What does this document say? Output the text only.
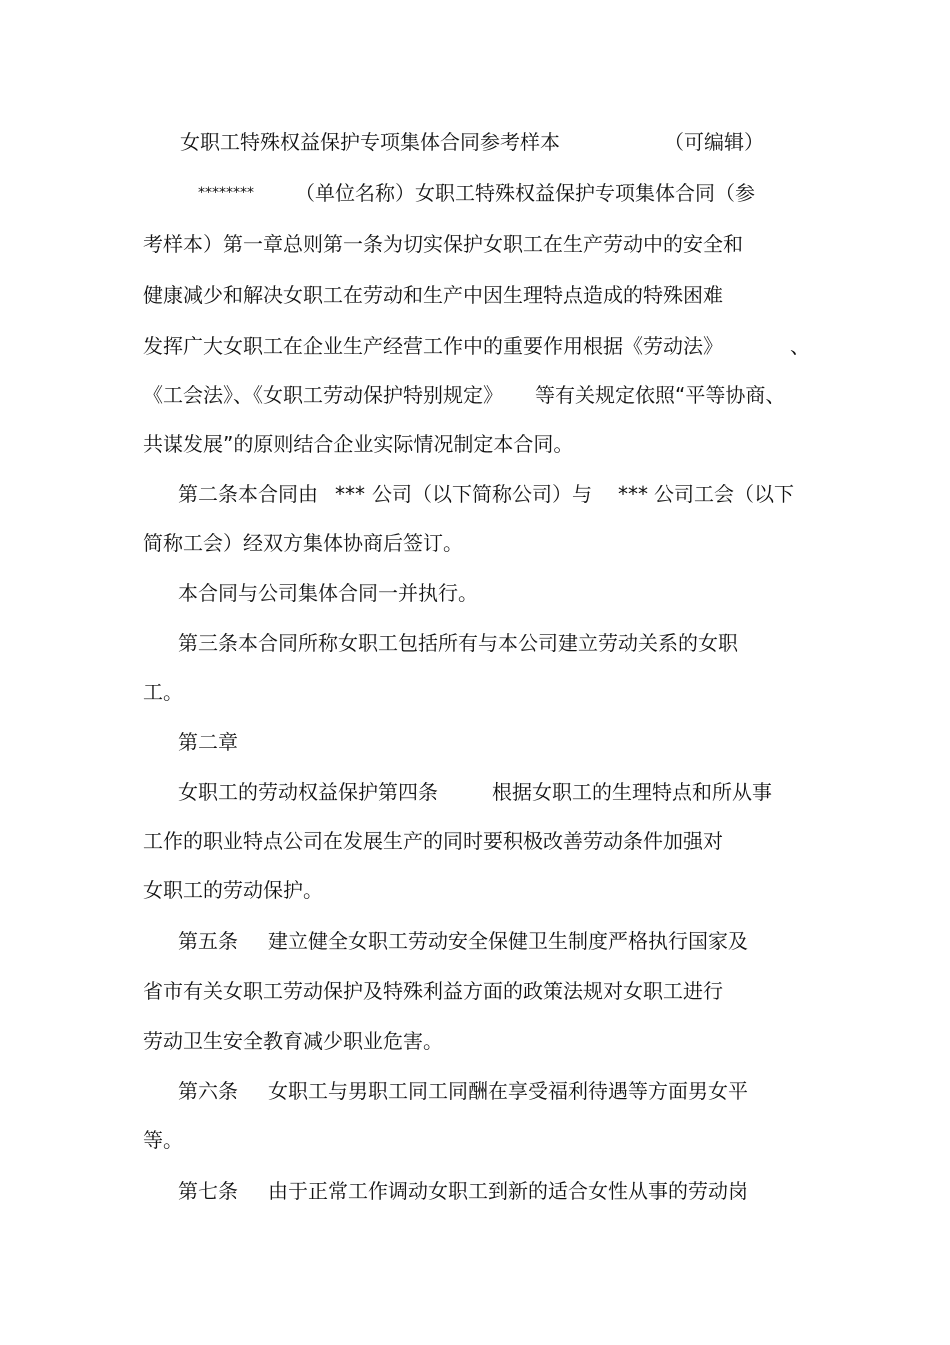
女职工特殊权益保护专项集体合同参考样本	（可编辑）
******** （单位名称）女职工特殊权益保护专项集体合同（参
考样本）第一章总则第一条为切实保护女职工在生产劳动中的安全和
健康减少和解决女职工在劳动和生产中因生理特点造成的特殊困难
发挥广大女职工在企业生产经营工作中的重要作用根据《劳动法》	、
《工会法》、《女职工劳动保护特别规定》 等有关规定依照“平等协商、
共谋发展”的原则结合企业实际情况制定本合同。
第二条本合同由 *** 公司（以下简称公司）与 *** 公司工会（以下
简称工会）经双方集体协商后签订。
本合同与公司集体合同一并执行。
第三条本合同所称女职工包括所有与本公司建立劳动关系的女职
工。
第二章
女职工的劳动权益保护第四条	根据女职工的生理特点和所从事
工作的职业特点公司在发展生产的同时要积极改善劳动条件加强对
女职工的劳动保护。
第五条 建立健全女职工劳动安全保健卫生制度严格执行国家及
省市有关女职工劳动保护及特殊利益方面的政策法规对女职工进行
劳动卫生安全教育减少职业危害。
第六条 女职工与男职工同工同酬在享受福利待遇等方面男女平
等。
第七条 由于正常工作调动女职工到新的适合女性从事的劳动岗
